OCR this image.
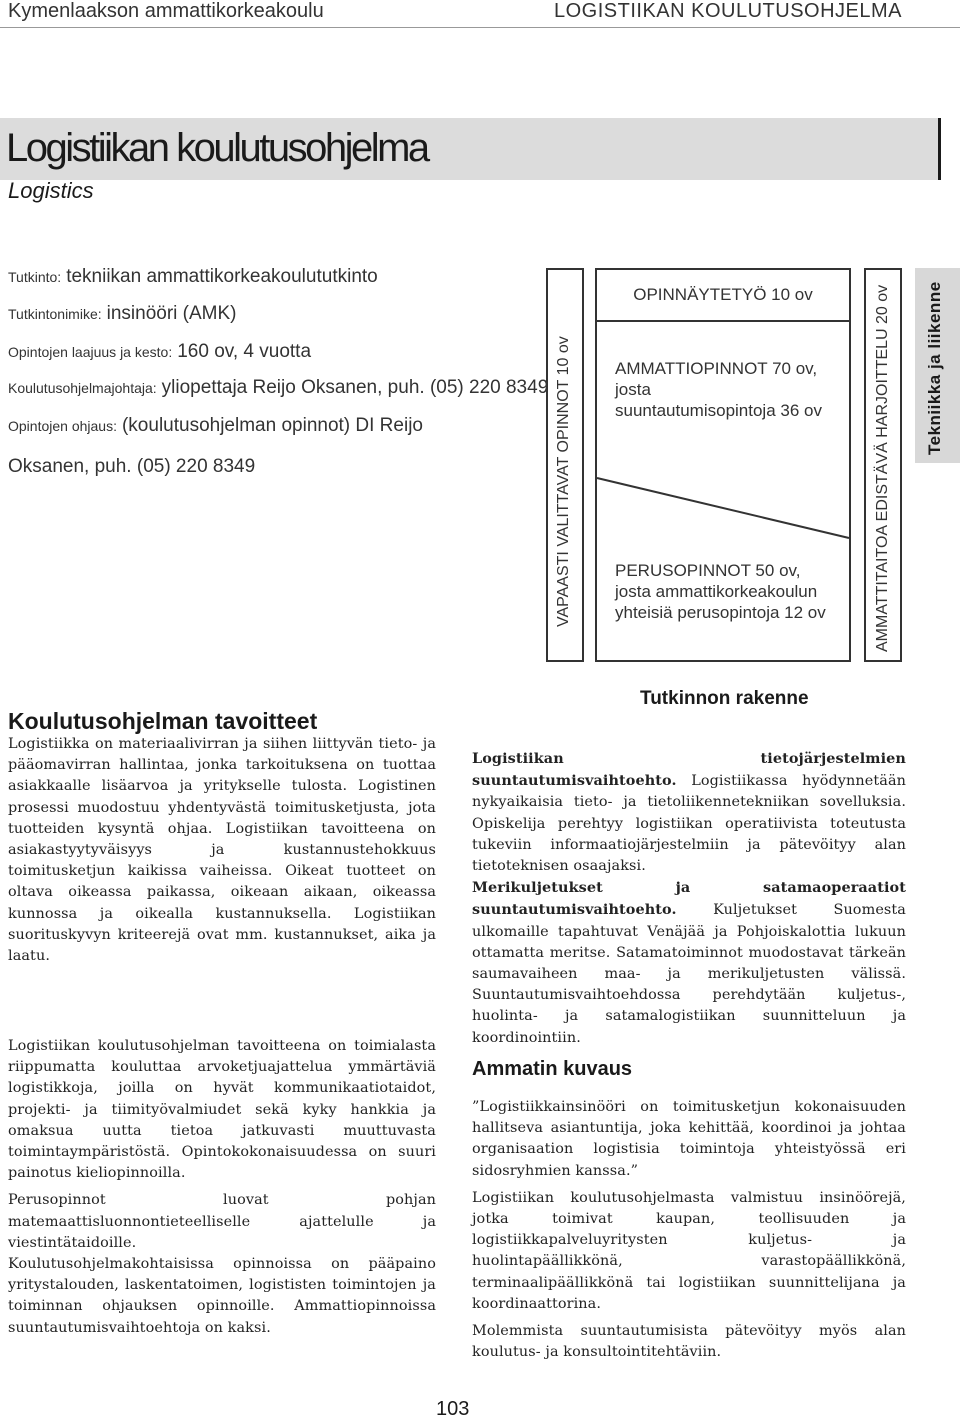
Kymenlaakson ammattikorkeakoulu	LOGISTIIKAN KOULUTUSOHJELMA
Logistiikan koulutusohjelma
Logistics
Tutkinto: tekniikan ammattikorkeakoulututkinto
Tutkintonimike: insinööri (AMK)
Opintojen laajuus ja kesto: 160 ov, 4 vuotta
Koulutusohjelmajohtaja: yliopettaja Reijo Oksanen, puh. (05) 220 8349
Opintojen ohjaus: (koulutusohjelman opinnot) DI Reijo
Oksanen, puh. (05) 220 8349	VAPAASTI VALITTAVAT OPINNOT 10 ov	AMMATTITAITOA EDISTÄVÄ HARJOITTELU 20 ov Tekniikka ja liikenne
OPINNÄYTETYÖ 10 ov
AMMATTIOPINNOT 70 ov,
josta
suuntautumisopintoja 36 ov
PERUSOPINNOT 50 ov,
josta ammattikorkeakoulun
yhteisiä perusopintoja 12 ov
Tutkinnon rakenne
Koulutusohjelman tavoitteet

Logistiikka on materiaalivirran ja siihen liittyvän tieto- ja pääomavirran hallintaa, jonka tarkoituksena on tuottaa asiakkaalle lisäarvoa ja yritykselle tulosta. Logistinen prosessi muodostuu yhdentyvästä toimitusketjusta, jota tuotteiden kysyntä ohjaa. Logistiikan tavoitteena on asiakastyytyväisyys ja kustannustehokkuus toimitusketjun kaikissa vaiheissa. Oikeat tuotteet on oltava oikeassa paikassa, oikeaan aikaan, oikeassa kunnossa ja oikealla kustannuksella. Logistiikan suorituskyvyn kriteerejä ovat mm. kustannukset, aika ja laatu.

Logistiikan koulutusohjelman tavoitteena on toimialasta riippumatta kouluttaa arvoketjuajattelua ymmärtäviä logistikkoja, joilla on hyvät kommunikaatiotaidot, projekti- ja tiimityövalmiudet sekä kyky hankkia ja omaksua uutta tietoa jatkuvasti muuttuvasta toimintaympäristöstä. Opintokokonaisuudessa on suuri painotus kieliopinnoilla.

Perusopinnot luovat pohjan matemaattisluonnontieteelliselle ajattelulle ja viestintätaidoille.

Koulutusohjelmakohtaisissa opinnoissa on pääpaino yritystalouden, laskentatoimen, logististen toimintojen ja toiminnan ohjauksen opinnoille. Ammattiopinnoissa suuntautumisvaihtoehtoja on kaksi.

Logistiikan tietojärjestelmien suuntautumisvaihtoehto. Logistiikassa hyödynnetään nykyaikaisia tieto- ja tietoliikennetekniikan sovelluksia. Opiskelija perehtyy logistiikan operatiivista toteutusta tukeviin informaatiojärjestelmiin ja pätevöityy alan tietoteknisen osaajaksi.

Merikuljetukset ja satamaoperaatiot suuntautumisvaihtoehto. Kuljetukset Suomesta ulkomaille tapahtuvat Venäjää ja Pohjoiskalottia lukuun ottamatta meritse. Satamatoiminnot muodostavat tärkeän saumavaiheen maa- ja merikuljetusten välissä. Suuntautumisvaihtoehdossa perehdytään kuljetus-, huolinta- ja satamalogistiikan suunnitteluun ja koordinointiin.

Ammatin kuvaus

”Logistiikkainsinööri on toimitusketjun kokonaisuuden hallitseva asiantuntija, joka kehittää, koordinoi ja johtaa organisaation logistisia toimintoja yhteistyössä eri sidosryhmien kanssa.”

Logistiikan koulutusohjelmasta valmistuu insinöörejä, jotka toimivat kaupan, teollisuuden ja logistiikkapalveluyritysten kuljetus- ja huolintapäällikkönä, varastopäällikkönä, terminaalipäällikkönä tai logistiikan suunnittelijana ja koordinaattorina.

Molemmista suuntautumisista pätevöityy myös alan koulutus- ja konsultointitehtäviin.

103
